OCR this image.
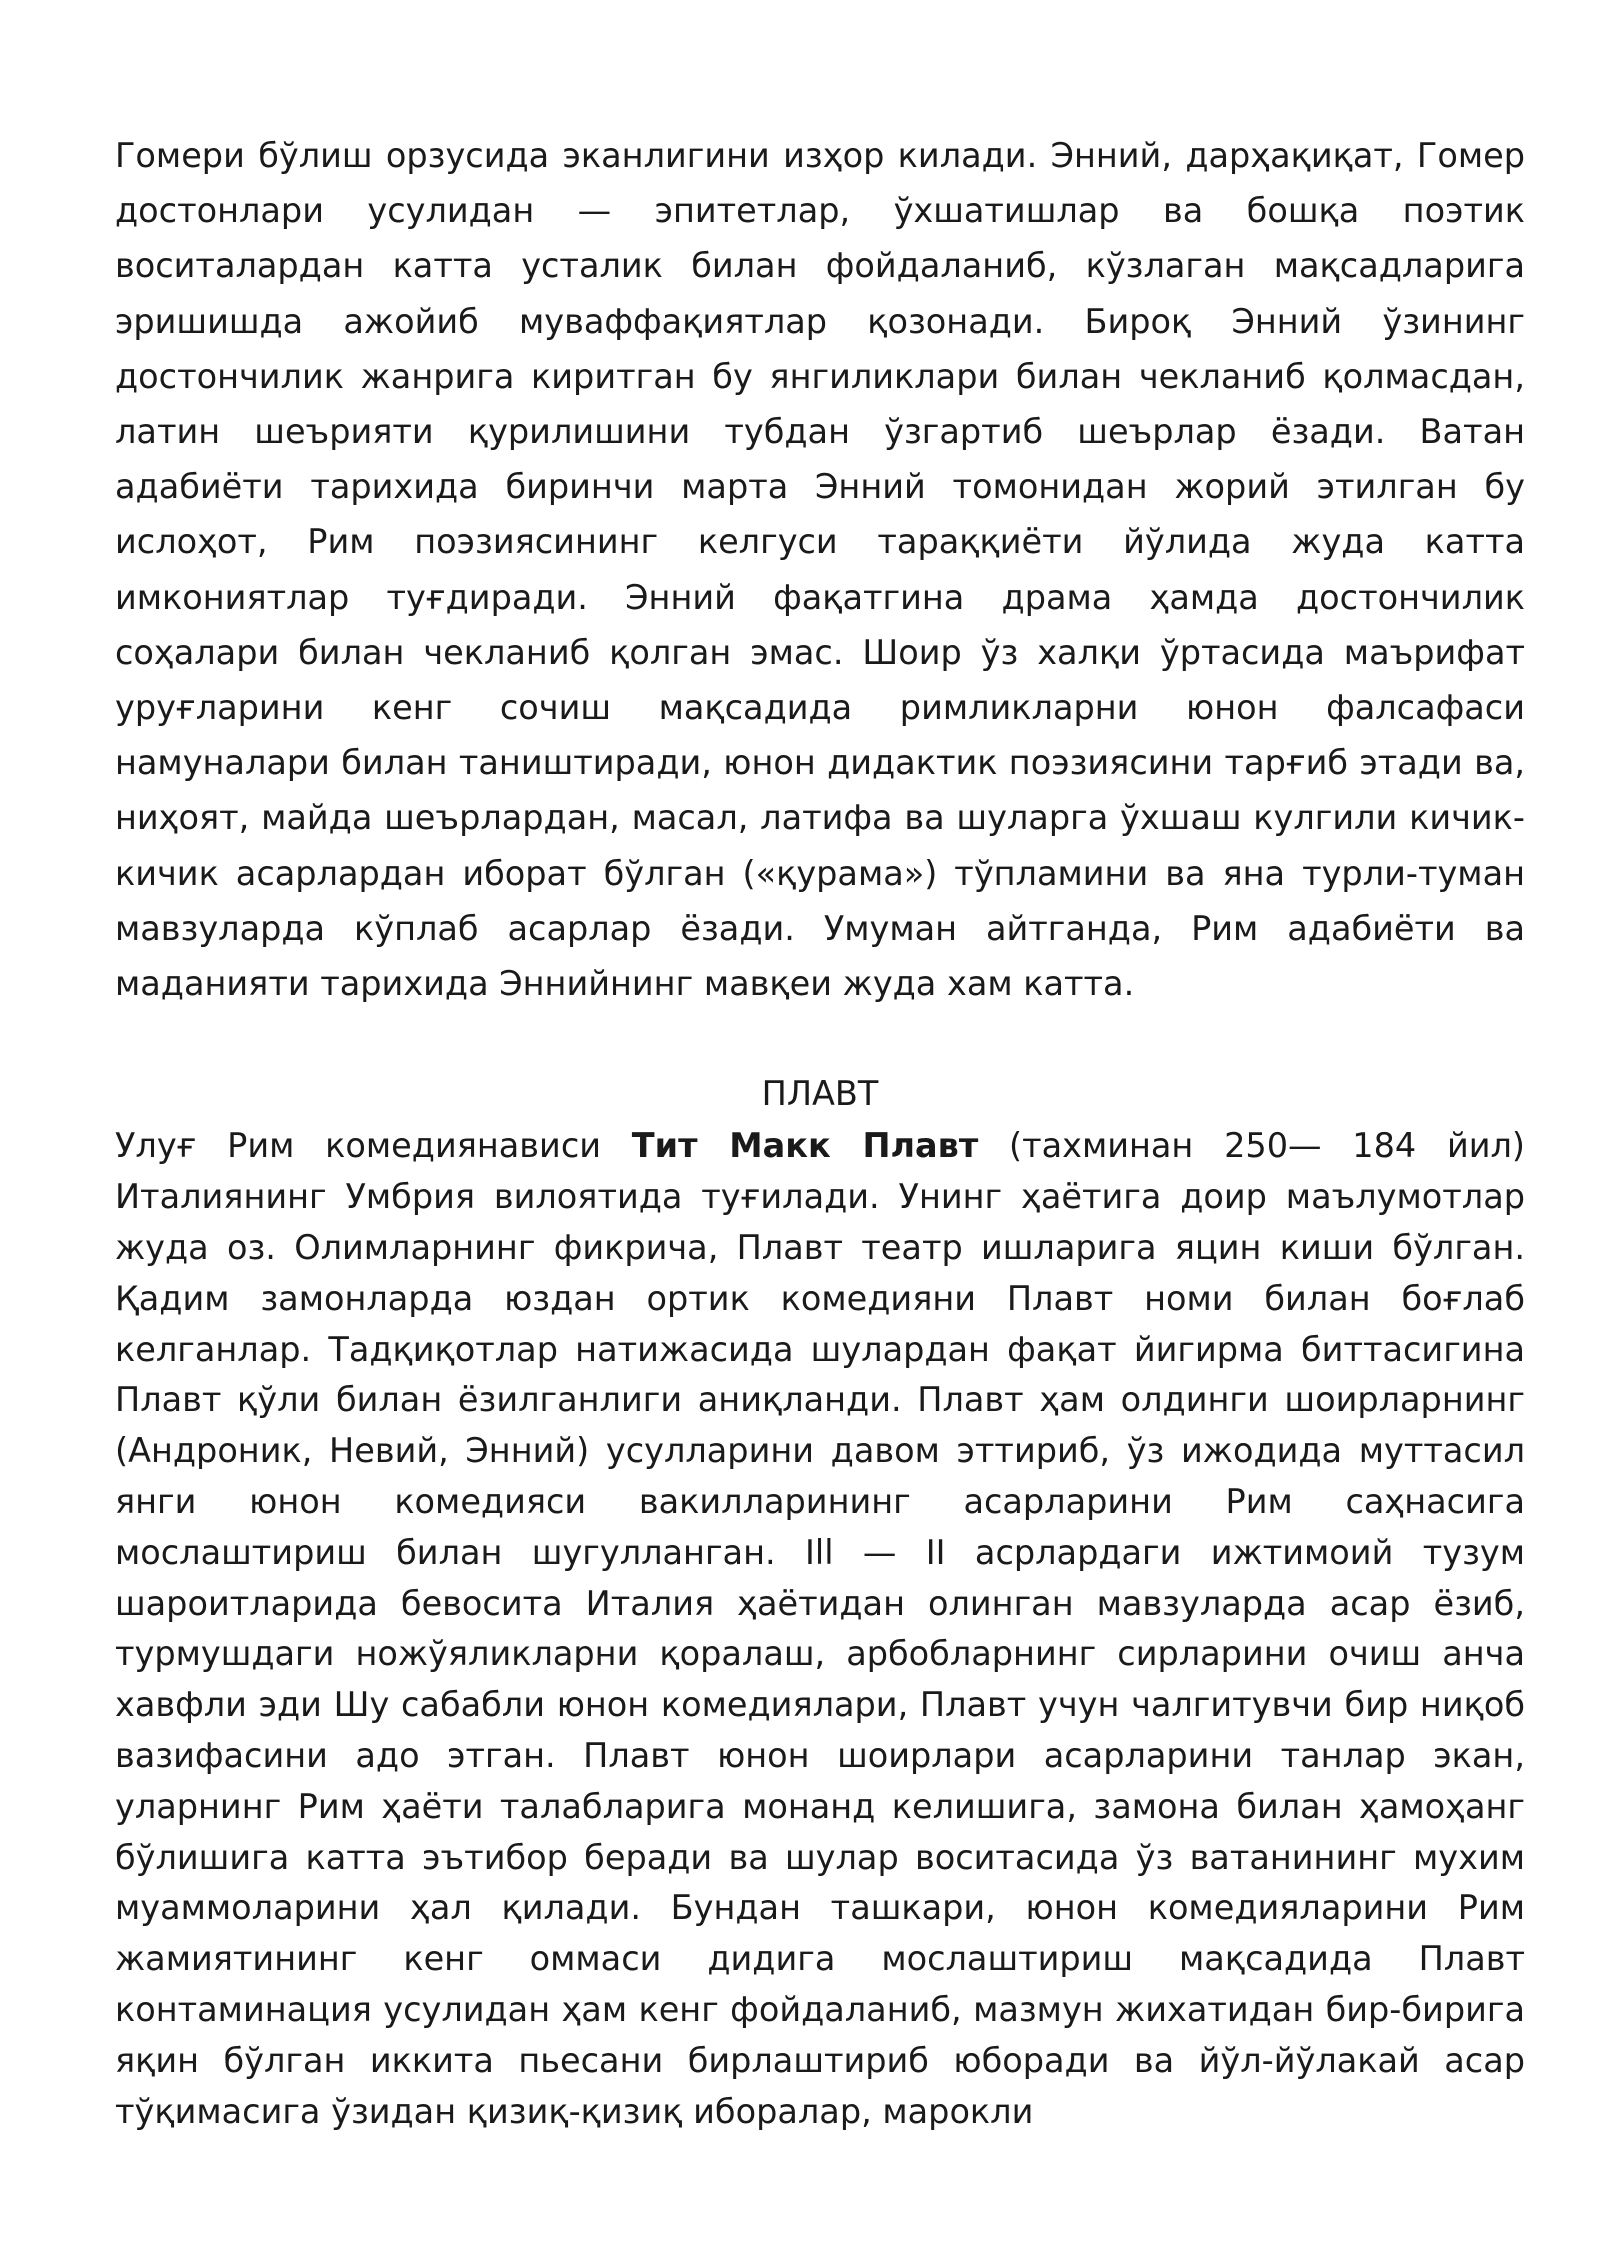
Гомери бўлиш орзусида эканлигини изҳор килади. Энний, дарҳақиқат, Гомер достонлари усулидан — эпитетлар, ўхшатишлар ва бошқа поэтик воситалардан катта усталик билан фойдаланиб, кўзлаган мақсадларига эришишда ажойиб муваффақиятлар қозонади. Бироқ Энний ўзининг достончилик жанрига киритган бу янгиликлари билан чекланиб қолмасдан, латин шеърияти қурилишини тубдан ўзгартиб шеърлар ёзади. Ватан адабиёти тарихида биринчи марта Энний томонидан жорий этилган бу ислоҳот, Рим поэзиясининг келгуси тараққиёти йўлида жуда катта имкониятлар туғдиради. Энний фақатгина драма ҳамда достончилик соҳалари билан чекланиб қолган эмас. Шоир ўз халқи ўртасида маърифат уруғларини кенг сочиш мақсадида римликларни юнон фалсафаси намуналари билан таништиради, юнон дидактик поэзиясини тарғиб этади ва, ниҳоят, майда шеърлардан, масал, латифа ва шуларга ўхшаш кулгили кичик-кичик асарлардан иборат бўлган («қурама») тўпламини ва яна турли-туман мавзуларда кўплаб асарлар ёзади. Умуман айтганда, Рим адабиёти ва маданияти тарихида Эннийнинг мавқеи жуда хам катта.

ПЛАВТ

Улуғ Рим комедиянависи Тит Макк Плавт (тахминан 250— 184 йил) Италиянинг Умбрия вилоятида туғилади. Унинг ҳаётига доир маълумотлар жуда оз. Олимларнинг фикрича, Плавт театр ишларига яцин киши бўлган. Қадим замонларда юздан ортик комедияни Плавт номи билан боғлаб келганлар. Тадқиқотлар натижасида шулардан фақат йигирма биттасигина Плавт қўли билан ёзилганлиги аниқланди. Плавт ҳам олдинги шоирларнинг (Андроник, Невий, Энний) усулларини давом эттириб, ўз ижодида муттасил янги юнон комедияси вакилларининг асарларини Рим саҳнасига мослаштириш билан шугулланган. Ill — II асрлардаги ижтимоий тузум шароитларида бевосита Италия ҳаётидан олинган мавзуларда асар ёзиб, турмушдаги ножўяликларни қоралаш, арбобларнинг сирларини очиш анча хавфли эди Шу сабабли юнон комедиялари, Плавт учун чалгитувчи бир ниқоб вазифасини адо этган. Плавт юнон шоирлари асарларини танлар экан, уларнинг Рим ҳаёти талабларига монанд келишига, замона билан ҳамоҳанг бўлишига катта эътибор беради ва шулар воситасида ўз ватанининг мухим муаммоларини ҳал қилади. Бундан ташкари, юнон комедияларини Рим жамиятининг кенг оммаси дидига мослаштириш мақсадида Плавт контаминация усулидан ҳам кенг фойдаланиб, мазмун жихатидан бир-бирига яқин бўлган иккита пьесани бирлаштириб юборади ва йўл-йўлакай асар тўқимасига ўзидан қизиқ-қизиқ иборалар, марокли
